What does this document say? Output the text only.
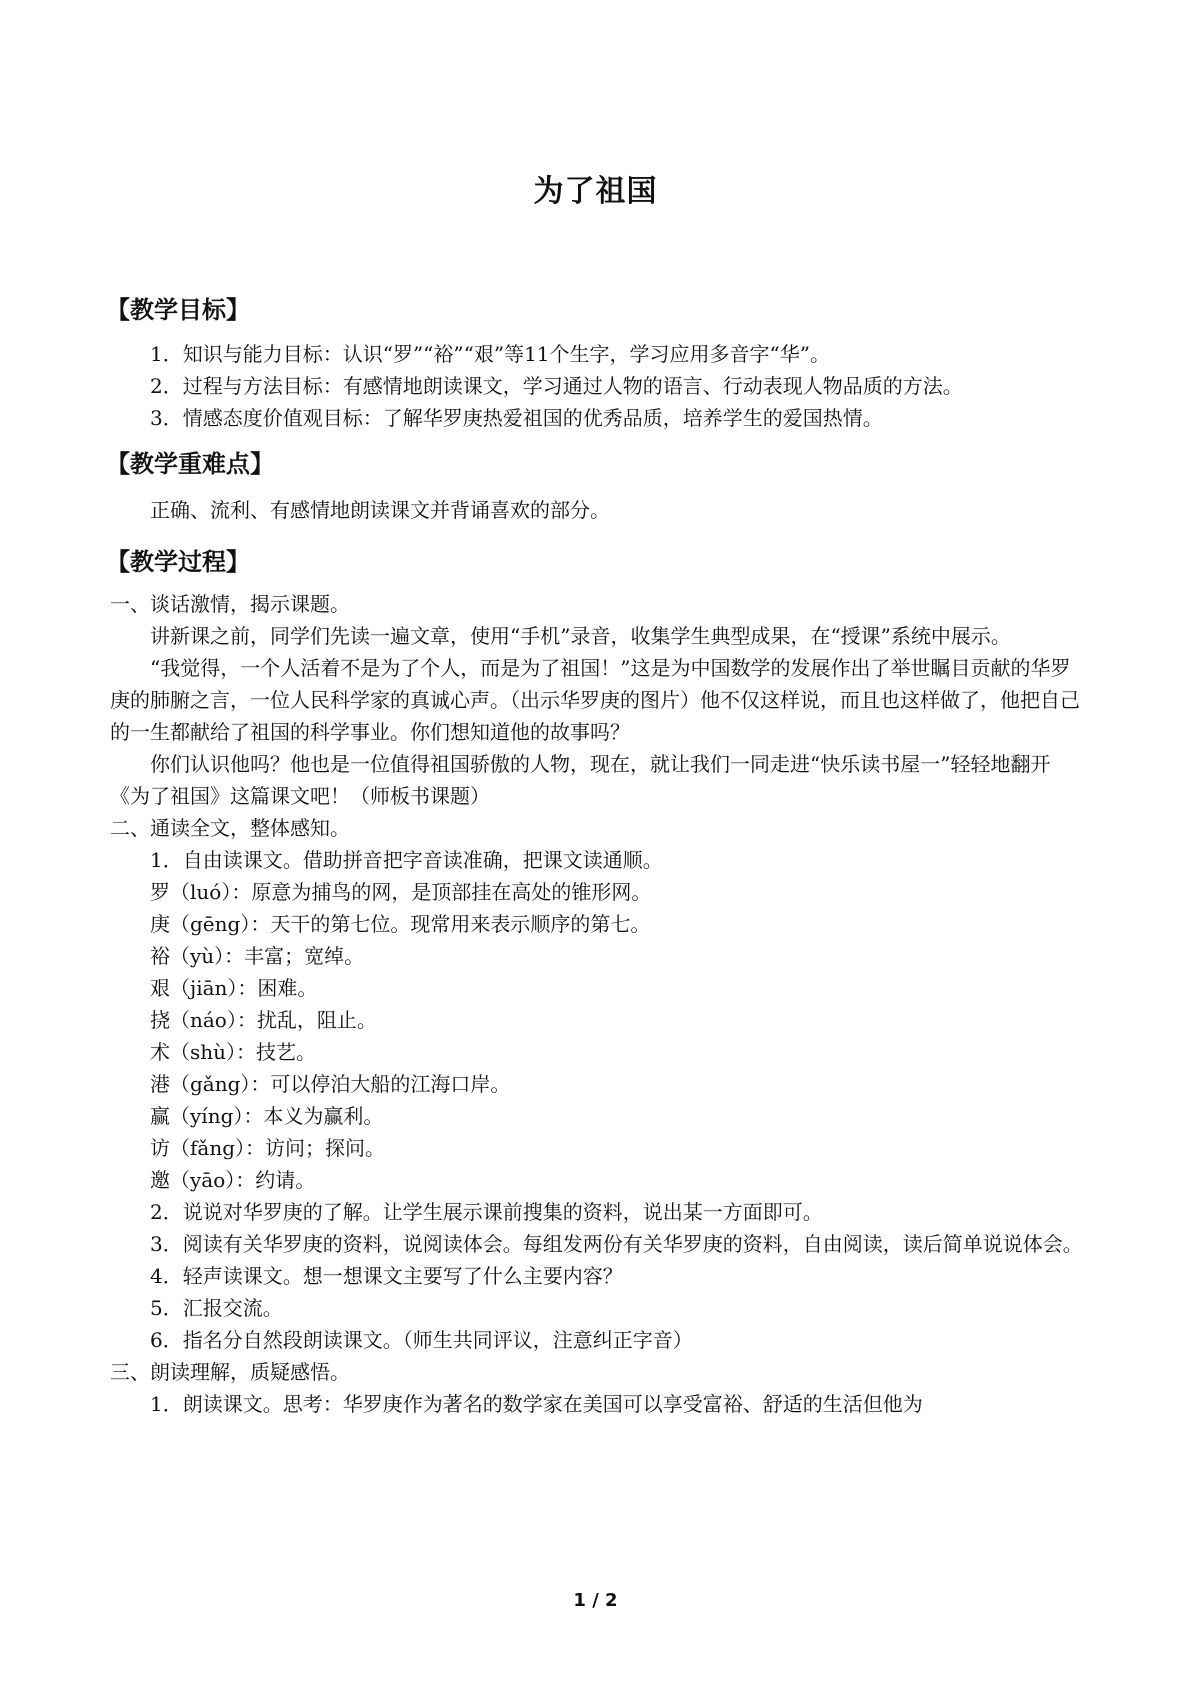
为了祖国
【教学目标】

1．知识与能力目标：认识“罗”“裕”“艰”等11个生字，学习应用多音字“华”。

2．过程与方法目标：有感情地朗读课文，学习通过人物的语言、行动表现人物品质的方法。

3．情感态度价值观目标：了解华罗庚热爱祖国的优秀品质，培养学生的爱国热情。

【教学重难点】

正确、流利、有感情地朗读课文并背诵喜欢的部分。

【教学过程】

一、谈话激情，揭示课题。

讲新课之前，同学们先读一遍文章，使用“手机”录音，收集学生典型成果，在“授课”系统中展示。

“我觉得，一个人活着不是为了个人，而是为了祖国！”这是为中国数学的发展作出了举世瞩目贡献的华罗庚的肺腑之言，一位人民科学家的真诚心声。（出示华罗庚的图片）他不仅这样说，而且也这样做了，他把自己的一生都献给了祖国的科学事业。你们想知道他的故事吗？

你们认识他吗？他也是一位值得祖国骄傲的人物，现在，就让我们一同走进“快乐读书屋一”轻轻地翻开《为了祖国》这篇课文吧！（师板书课题）

二、通读全文，整体感知。

1．自由读课文。借助拼音把字音读准确，把课文读通顺。

罗（luó）：原意为捕鸟的网，是顶部挂在高处的锥形网。

庚（gēng）：天干的第七位。现常用来表示顺序的第七。

裕（yù）：丰富；宽绰。

艰（jiān）：困难。

挠（náo）：扰乱，阻止。

术（shù）：技艺。

港（gǎng）：可以停泊大船的江海口岸。

赢（yíng）：本义为赢利。

访（fǎng）：访问；探问。

邀（yāo）：约请。

2．说说对华罗庚的了解。让学生展示课前搜集的资料，说出某一方面即可。

3．阅读有关华罗庚的资料，说阅读体会。每组发两份有关华罗庚的资料，自由阅读，读后简单说说体会。

4．轻声读课文。想一想课文主要写了什么主要内容？

5．汇报交流。

6．指名分自然段朗读课文。（师生共同评议，注意纠正字音）

三、朗读理解，质疑感悟。

1．朗读课文。思考：华罗庚作为著名的数学家在美国可以享受富裕、舒适的生活但他为

1 / 2
